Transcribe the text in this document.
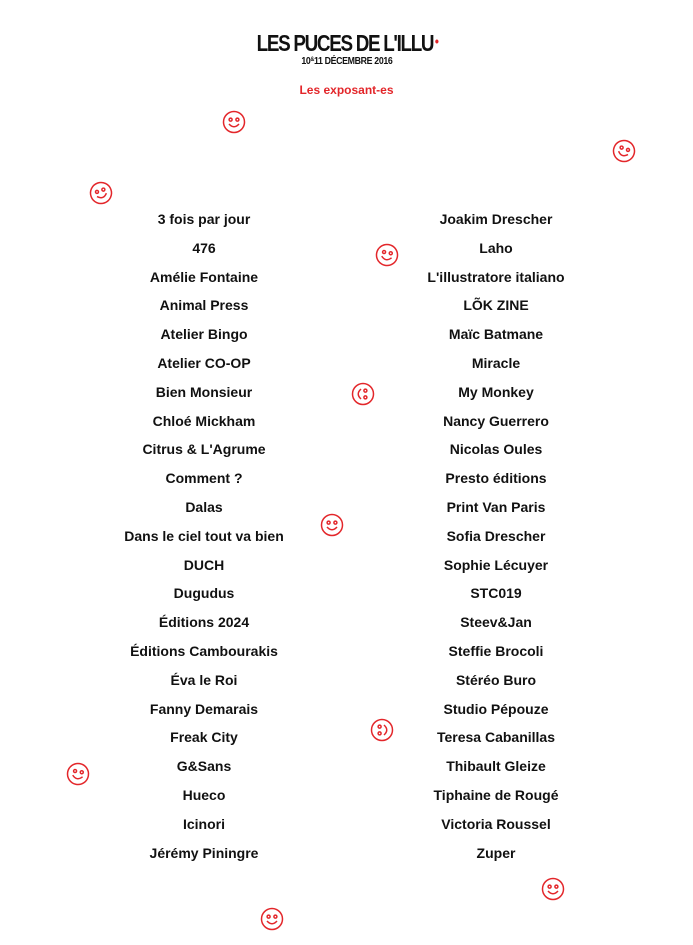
LES PUCES DE L'ILLU •
10&11 DÉCEMBRE 2016
Les exposant-es
3 fois par jour
476
Amélie Fontaine
Animal Press
Atelier Bingo
Atelier CO-OP
Bien Monsieur
Chloé Mickham
Citrus & L'Agrume
Comment ?
Dalas
Dans le ciel tout va bien
DUCH
Dugudus
Éditions 2024
Éditions Cambourakis
Éva le Roi
Fanny Demarais
Freak City
G&Sans
Hueco
Icinori
Jérémy Piningre
Joakim Drescher
Laho
L'illustratore italiano
LÕK ZINE
Maïc Batmane
Miracle
My Monkey
Nancy Guerrero
Nicolas Oules
Presto éditions
Print Van Paris
Sofia Drescher
Sophie Lécuyer
STC019
Steev&Jan
Steffie Brocoli
Stéréo Buro
Studio Pépouze
Teresa Cabanillas
Thibault Gleize
Tiphaine de Rougé
Victoria Roussel
Zuper
